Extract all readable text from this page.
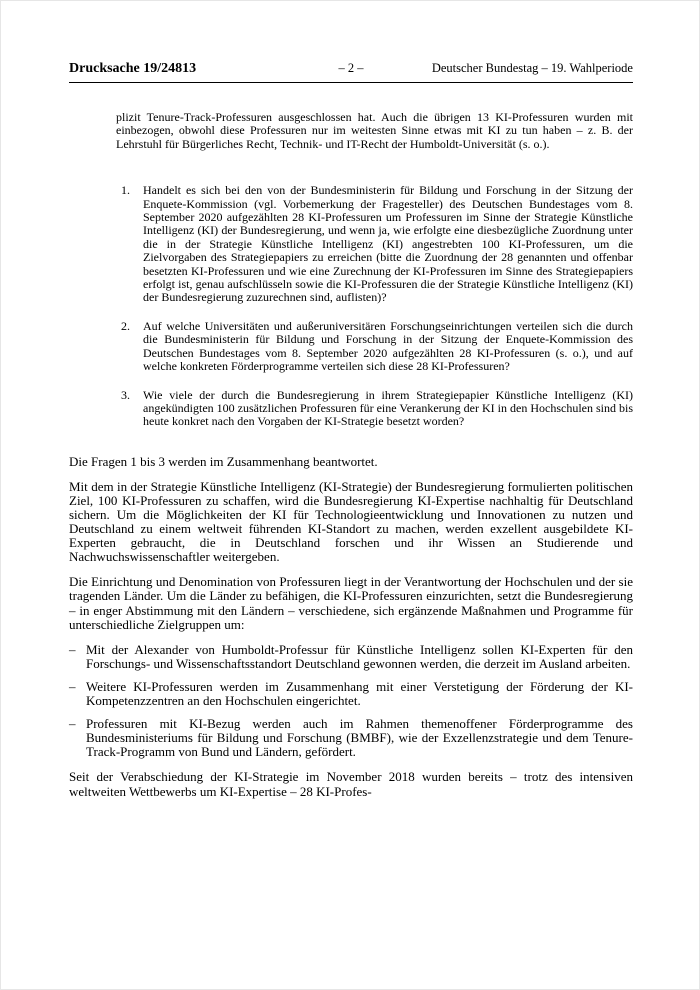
Drucksache 19/24813	– 2 –	Deutscher Bundestag – 19. Wahlperiode

plizit Tenure-Track-Professuren ausgeschlossen hat. Auch die übrigen 13 KI-Professuren wurden mit einbezogen, obwohl diese Professuren nur im weitesten Sinne etwas mit KI zu tun haben – z. B. der Lehrstuhl für Bürgerliches Recht, Technik- und IT-Recht der Humboldt-Universität (s. o.).

1. Handelt es sich bei den von der Bundesministerin für Bildung und Forschung in der Sitzung der Enquete-Kommission (vgl. Vorbemerkung der Fragesteller) des Deutschen Bundestages vom 8. September 2020 aufgezählten 28 KI-Professuren um Professuren im Sinne der Strategie Künstliche Intelligenz (KI) der Bundesregierung, und wenn ja, wie erfolgte eine diesbezügliche Zuordnung unter die in der Strategie Künstliche Intelligenz (KI) angestrebten 100 KI-Professuren, um die Zielvorgaben des Strategiepapiers zu erreichen (bitte die Zuordnung der 28 genannten und offenbar besetzten KI-Professuren und wie eine Zurechnung der KI-Professuren im Sinne des Strategiepapiers erfolgt ist, genau aufschlüsseln sowie die KI-Professuren die der Strategie Künstliche Intelligenz (KI) der Bundesregierung zuzurechnen sind, auflisten)?
2. Auf welche Universitäten und außeruniversitären Forschungseinrichtungen verteilen sich die durch die Bundesministerin für Bildung und Forschung in der Sitzung der Enquete-Kommission des Deutschen Bundestages vom 8. September 2020 aufgezählten 28 KI-Professuren (s. o.), und auf welche konkreten Förderprogramme verteilen sich diese 28 KI-Professuren?
3. Wie viele der durch die Bundesregierung in ihrem Strategiepapier Künstliche Intelligenz (KI) angekündigten 100 zusätzlichen Professuren für eine Verankerung der KI in den Hochschulen sind bis heute konkret nach den Vorgaben der KI-Strategie besetzt worden?

Die Fragen 1 bis 3 werden im Zusammenhang beantwortet.

Mit dem in der Strategie Künstliche Intelligenz (KI-Strategie) der Bundesregierung formulierten politischen Ziel, 100 KI-Professuren zu schaffen, wird die Bundesregierung KI-Expertise nachhaltig für Deutschland sichern. Um die Möglichkeiten der KI für Technologieentwicklung und Innovationen zu nutzen und Deutschland zu einem weltweit führenden KI-Standort zu machen, werden exzellent ausgebildete KI-Experten gebraucht, die in Deutschland forschen und ihr Wissen an Studierende und Nachwuchswissenschaftler weitergeben.

Die Einrichtung und Denomination von Professuren liegt in der Verantwortung der Hochschulen und der sie tragenden Länder. Um die Länder zu befähigen, die KI-Professuren einzurichten, setzt die Bundesregierung – in enger Abstimmung mit den Ländern – verschiedene, sich ergänzende Maßnahmen und Programme für unterschiedliche Zielgruppen um:

– Mit der Alexander von Humboldt-Professur für Künstliche Intelligenz sollen KI-Experten für den Forschungs- und Wissenschaftsstandort Deutschland gewonnen werden, die derzeit im Ausland arbeiten.
– Weitere KI-Professuren werden im Zusammenhang mit einer Verstetigung der Förderung der KI-Kompetenzzentren an den Hochschulen eingerichtet.
– Professuren mit KI-Bezug werden auch im Rahmen themenoffener Förderprogramme des Bundesministeriums für Bildung und Forschung (BMBF), wie der Exzellenzstrategie und dem Tenure-Track-Programm von Bund und Ländern, gefördert.

Seit der Verabschiedung der KI-Strategie im November 2018 wurden bereits – trotz des intensiven weltweiten Wettbewerbs um KI-Expertise – 28 KI-Profes-
